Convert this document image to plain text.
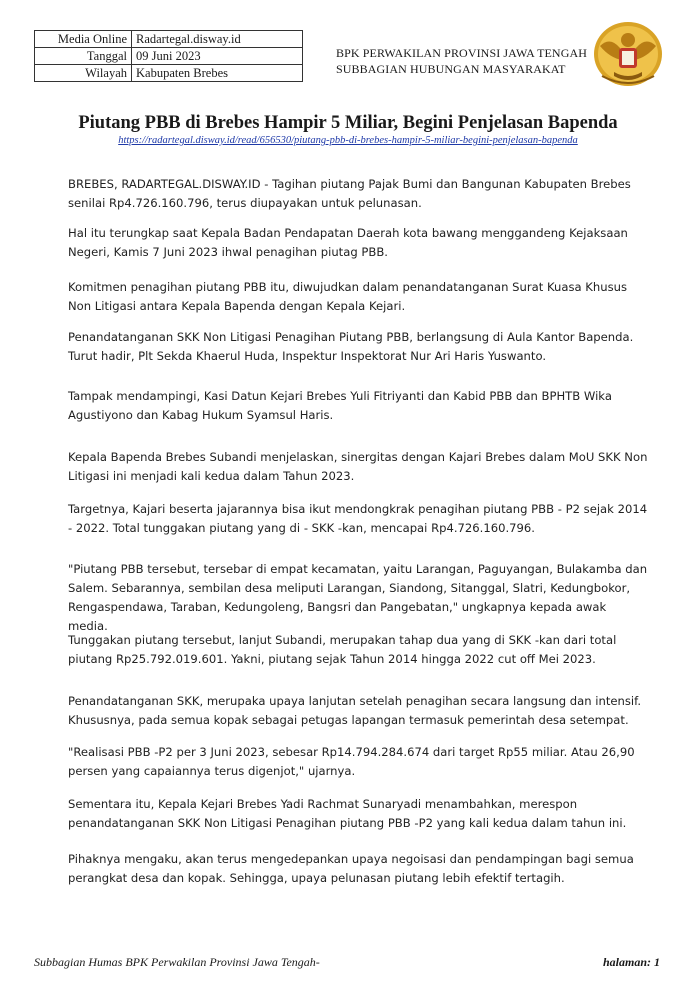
Media Online	Radartegal.disway.id
Tanggal	09 Juni 2023
Wilayah	Kabupaten Brebes
BPK PERWAKILAN PROVINSI JAWA TENGAH
SUBBAGIAN HUBUNGAN MASYARAKAT
Piutang PBB di Brebes Hampir 5 Miliar, Begini Penjelasan Bapenda
https://radartegal.disway.id/read/656530/piutang-pbb-di-brebes-hampir-5-miliar-begini-penjelasan-bapenda
BREBES, RADARTEGAL.DISWAY.ID - Tagihan piutang Pajak Bumi dan Bangunan Kabupaten Brebes senilai Rp4.726.160.796, terus diupayakan untuk pelunasan.
Hal itu terungkap saat Kepala Badan Pendapatan Daerah kota bawang menggandeng Kejaksaan Negeri, Kamis 7 Juni 2023 ihwal penagihan piutag PBB.
Komitmen penagihan piutang PBB itu, diwujudkan dalam penandatanganan Surat Kuasa Khusus Non Litigasi antara Kepala Bapenda dengan Kepala Kejari.
Penandatanganan SKK Non Litigasi Penagihan Piutang PBB, berlangsung di Aula Kantor Bapenda. Turut hadir, Plt Sekda Khaerul Huda, Inspektur Inspektorat Nur Ari Haris Yuswanto.
Tampak mendampingi, Kasi Datun Kejari Brebes Yuli Fitriyanti dan Kabid PBB dan BPHTB Wika Agustiyono dan Kabag Hukum Syamsul Haris.
Kepala Bapenda Brebes Subandi menjelaskan, sinergitas dengan Kajari Brebes dalam MoU SKK Non Litigasi ini menjadi kali kedua dalam Tahun 2023.
Targetnya, Kajari beserta jajarannya bisa ikut mendongkrak penagihan piutang PBB - P2 sejak 2014 - 2022. Total tunggakan piutang yang di - SKK -kan, mencapai Rp4.726.160.796.
"Piutang PBB tersebut, tersebar di empat kecamatan, yaitu Larangan, Paguyangan, Bulakamba dan Salem. Sebarannya, sembilan desa meliputi Larangan, Siandong, Sitanggal, Slatri, Kedungbokor, Rengaspendawa, Taraban, Kedungoleng, Bangsri dan Pangebatan," ungkapnya kepada awak media.
Tunggakan piutang tersebut, lanjut Subandi, merupakan tahap dua yang di SKK -kan dari total piutang Rp25.792.019.601. Yakni, piutang sejak Tahun 2014 hingga 2022 cut off Mei 2023.
Penandatanganan SKK, merupaka upaya lanjutan setelah penagihan secara langsung dan intensif. Khususnya, pada semua kopak sebagai petugas lapangan termasuk pemerintah desa setempat.
"Realisasi PBB -P2 per 3 Juni 2023, sebesar Rp14.794.284.674 dari target Rp55 miliar. Atau 26,90 persen yang capaiannya terus digenjot," ujarnya.
Sementara itu, Kepala Kejari Brebes Yadi Rachmat Sunaryadi menambahkan, merespon penandatanganan SKK Non Litigasi Penagihan piutang PBB -P2 yang kali kedua dalam tahun ini.
Pihaknya mengaku, akan terus mengedepankan upaya negoisasi dan pendampingan bagi semua perangkat desa dan kopak. Sehingga, upaya pelunasan piutang lebih efektif tertagih.
Subbagian Humas BPK Perwakilan Provinsi Jawa Tengah-	halaman: 1
